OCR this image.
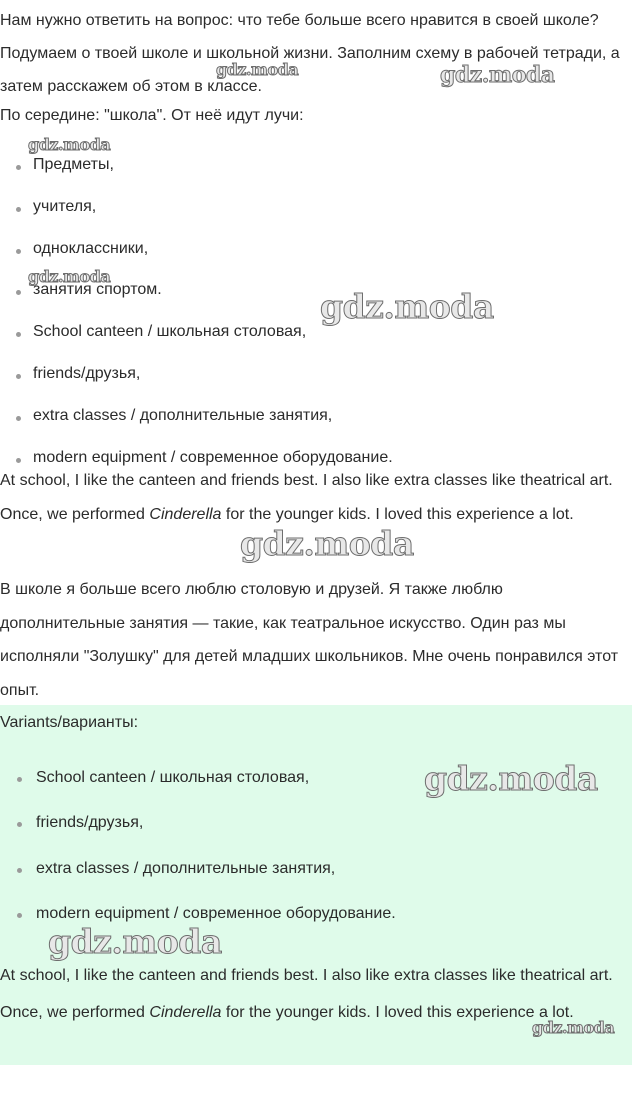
Нам нужно ответить на вопрос: что тебе больше всего нравится в своей школе? Подумаем о твоей школе и школьной жизни. Заполним схему в рабочей тетради, а затем расскажем об этом в классе.

По середине: "школа". От неё идут лучи:

Предметы,
учителя,
одноклассники,
занятия спортом.
School canteen / школьная столовая,
friends/друзья,
extra classes / дополнительные занятия,
modern equipment / современное оборудование.

At school, I like the canteen and friends best. I also like extra classes like theatrical art. Once, we performed Cinderella for the younger kids. I loved this experience a lot.

В школе я больше всего люблю столовую и друзей. Я также люблю дополнительные занятия — такие, как театральное искусство. Один раз мы исполняли "Золушку" для детей младших школьников. Мне очень понравился этот опыт.

Variants/варианты:

School canteen / школьная столовая,
friends/друзья,
extra classes / дополнительные занятия,
modern equipment / современное оборудование.

At school, I like the canteen and friends best. I also like extra classes like theatrical art. Once, we performed Cinderella for the younger kids. I loved this experience a lot.

gdz.moda	gdz.moda
gdz.moda
gdz.moda
gdz.moda
gdz.moda
gdz.moda
gdz.moda
gdz.moda
